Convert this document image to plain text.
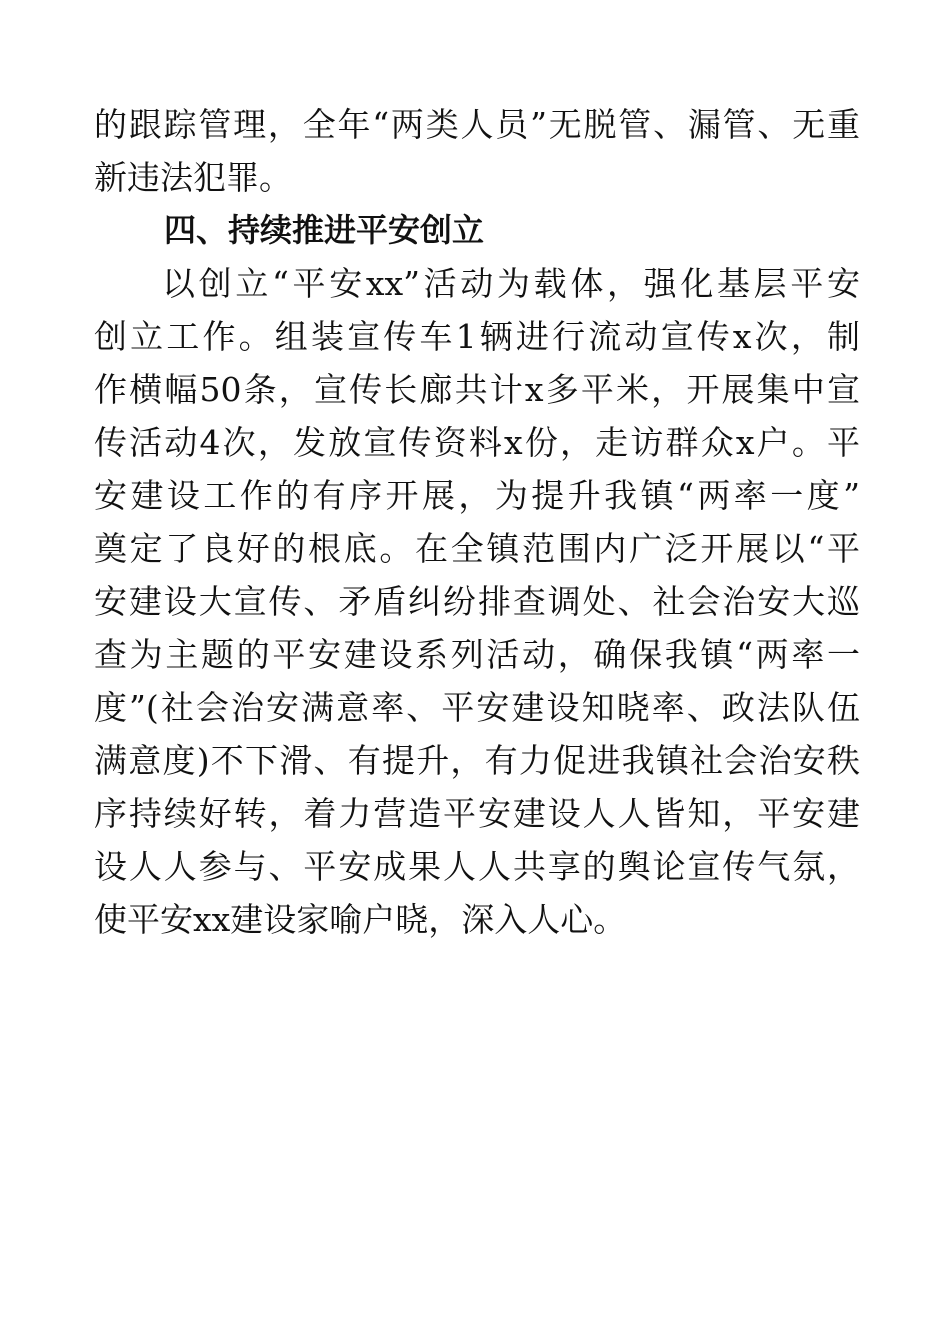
的跟踪管理，全年“两类人员”无脱管、漏管、无重
新违法犯罪。
四、持续推进平安创立
以创立“平安xx”活动为载体，强化基层平安
创立工作。组装宣传车1辆进行流动宣传x次，制
作横幅50条，宣传长廊共计x多平米，开展集中宣
传活动4次，发放宣传资料x份，走访群众x户。平
安建设工作的有序开展，为提升我镇“两率一度”
奠定了良好的根底。在全镇范围内广泛开展以“平
安建设大宣传、矛盾纠纷排查调处、社会治安大巡
查为主题的平安建设系列活动，确保我镇“两率一
度”(社会治安满意率、平安建设知晓率、政法队伍
满意度)不下滑、有提升，有力促进我镇社会治安秩
序持续好转，着力营造平安建设人人皆知，平安建
设人人参与、平安成果人人共享的舆论宣传气氛，
使平安xx建设家喻户晓，深入人心。
